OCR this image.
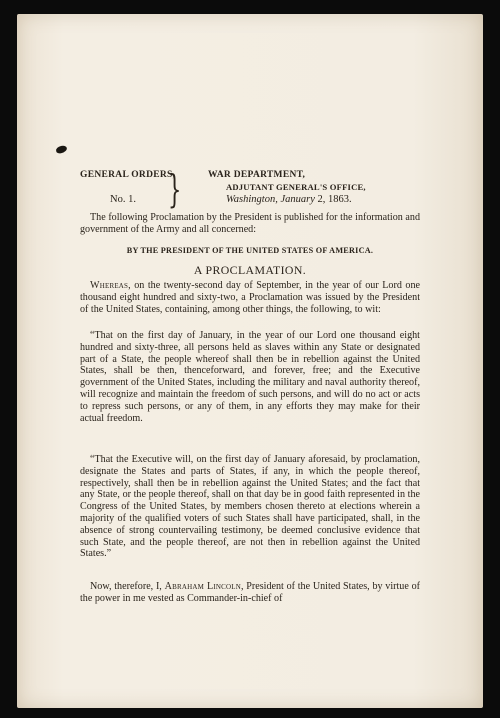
GENERAL ORDERS,
No. 1. }	WAR DEPARTMENT,
ADJUTANT GENERAL'S OFFICE,
Washington, January 2, 1863.
The following Proclamation by the President is published for the information and government of the Army and all concerned:
BY THE PRESIDENT OF THE UNITED STATES OF AMERICA.
A PROCLAMATION.
Whereas, on the twenty-second day of September, in the year of our Lord one thousand eight hundred and sixty-two, a Proclamation was issued by the President of the United States, containing, among other things, the following, to wit:
“That on the first day of January, in the year of our Lord one thousand eight hundred and sixty-three, all persons held as slaves within any State or designated part of a State, the people whereof shall then be in rebellion against the United States, shall be then, thenceforward, and forever, free; and the Executive government of the United States, including the military and naval authority thereof, will recognize and maintain the freedom of such persons, and will do no act or acts to repress such persons, or any of them, in any efforts they may make for their actual freedom.
“That the Executive will, on the first day of January aforesaid, by proclamation, designate the States and parts of States, if any, in which the people thereof, respectively, shall then be in rebellion against the United States; and the fact that any State, or the people thereof, shall on that day be in good faith represented in the Congress of the United States, by members chosen thereto at elections wherein a majority of the qualified voters of such States shall have participated, shall, in the absence of strong countervailing testimony, be deemed conclusive evidence that such State, and the people thereof, are not then in rebellion against the United States.”
Now, therefore, I, Abraham Lincoln, President of the United States, by virtue of the power in me vested as Commander-in-chief of
